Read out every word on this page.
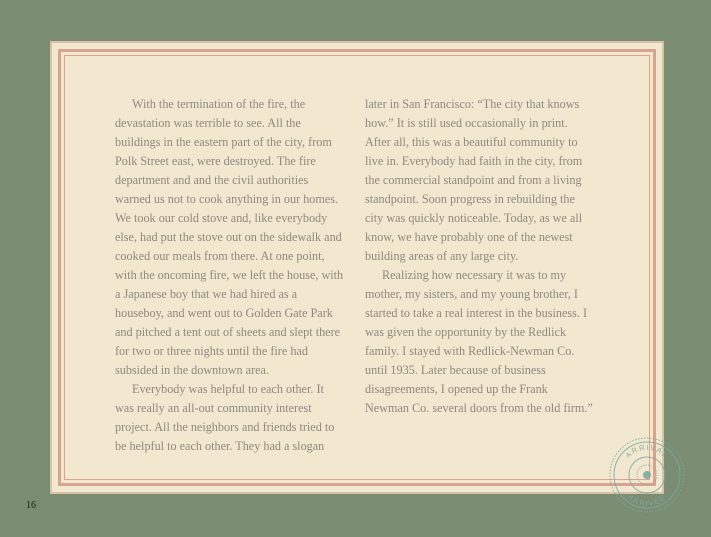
With the termination of the fire, the
devastation was terrible to see. All the
buildings in the eastern part of the city, from
Polk Street east, were destroyed. The fire
department and and the civil authorities
warned us not to cook anything in our homes.
We took our cold stove and, like everybody
else, had put the stove out on the sidewalk and
cooked our meals from there. At one point,
with the oncoming fire, we left the house, with
a Japanese boy that we had hired as a
houseboy, and went out to Golden Gate Park
and pitched a tent out of sheets and slept there
for two or three nights until the fire had
subsided in the downtown area.
Everybody was helpful to each other. It
was really an all-out community interest
project. All the neighbors and friends tried to
be helpful to each other. They had a slogan
later in San Francisco: “The city that knows
how.” It is still used occasionally in print.
After all, this was a beautiful community to
live in. Everybody had faith in the city, from
the commercial standpoint and from a living
standpoint. Soon progress in rebuilding the
city was quickly noticeable. Today, as we all
know, we have probably one of the newest
building areas of any large city.
Realizing how necessary it was to my
mother, my sisters, and my young brother, I
started to take a real interest in the business. I
was given the opportunity by the Redlick
family. I stayed with Redlick-Newman Co.
until 1935. Later because of business
disagreements, I opened up the Frank
Newman Co. several doors from the old firm.”
ARRIVAL
ARRIVEE
16
